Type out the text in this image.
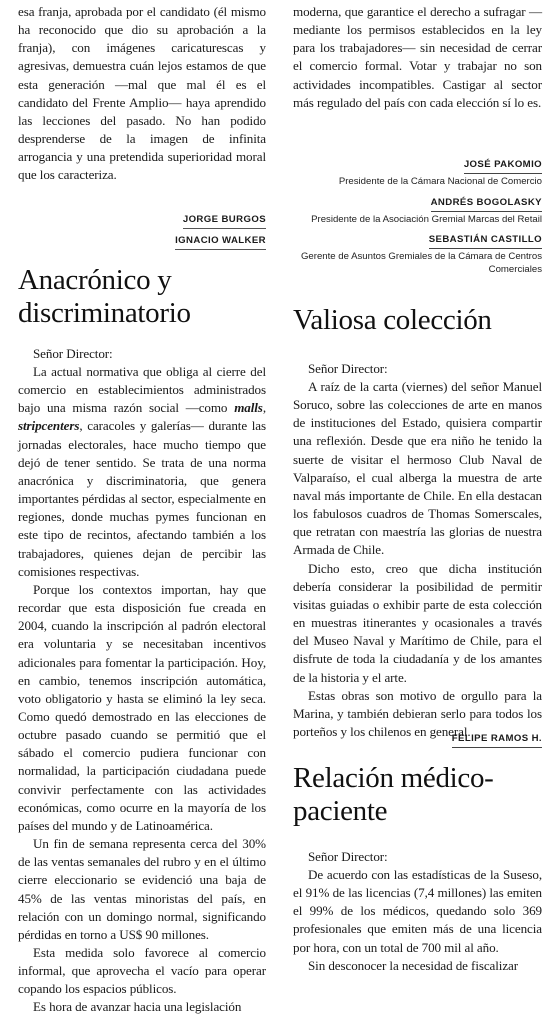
esa franja, aprobada por el candidato (él mismo ha reconocido que dio su aprobación a la franja), con imágenes caricaturescas y agresivas, demuestra cuán lejos estamos de que esta generación —mal que mal él es el candidato del Frente Amplio— haya aprendido las lecciones del pasado. No han podido desprenderse de la imagen de infinita arrogancia y una pretendida superioridad moral que los caracteriza.

JORGE BURGOS
IGNACIO WALKER
Anacrónico y discriminatorio

Señor Director:

La actual normativa que obliga al cierre del comercio en establecimientos administrados bajo una misma razón social —como malls, stripcenters, caracoles y galerías— durante las jornadas electorales, hace mucho tiempo que dejó de tener sentido. Se trata de una norma anacrónica y discriminatoria, que genera importantes pérdidas al sector, especialmente en regiones, donde muchas pymes funcionan en este tipo de recintos, afectando también a los trabajadores, quienes dejan de percibir las comisiones respectivas.

Porque los contextos importan, hay que recordar que esta disposición fue creada en 2004, cuando la inscripción al padrón electoral era voluntaria y se necesitaban incentivos adicionales para fomentar la participación. Hoy, en cambio, tenemos inscripción automática, voto obligatorio y hasta se eliminó la ley seca. Como quedó demostrado en las elecciones de octubre pasado cuando se permitió que el sábado el comercio pudiera funcionar con normalidad, la participación ciudadana puede convivir perfectamente con las actividades económicas, como ocurre en la mayoría de los países del mundo y de Latinoamérica.

Un fin de semana representa cerca del 30% de las ventas semanales del rubro y en el último cierre eleccionario se evidenció una baja de 45% de las ventas minoristas del país, en relación con un domingo normal, significando pérdidas en torno a US$ 90 millones.

Esta medida solo favorece al comercio informal, que aprovecha el vacío para operar copando los espacios públicos.

Es hora de avanzar hacia una legislación

moderna, que garantice el derecho a sufragar —mediante los permisos establecidos en la ley para los trabajadores— sin necesidad de cerrar el comercio formal. Votar y trabajar no son actividades incompatibles. Castigar al sector más regulado del país con cada elección sí lo es.

JOSÉ PAKOMIO

Presidente de la Cámara Nacional de Comercio

ANDRÉS BOGOLASKY

Presidente de la Asociación Gremial Marcas del Retail

SEBASTIÁN CASTILLO

Gerente de Asuntos Gremiales de la Cámara de Centros Comerciales

Valiosa colección

Señor Director:

A raíz de la carta (viernes) del señor Manuel Soruco, sobre las colecciones de arte en manos de instituciones del Estado, quisiera compartir una reflexión. Desde que era niño he tenido la suerte de visitar el hermoso Club Naval de Valparaíso, el cual alberga la muestra de arte naval más importante de Chile. En ella destacan los fabulosos cuadros de Thomas Somerscales, que retratan con maestría las glorias de nuestra Armada de Chile.

Dicho esto, creo que dicha institución debería considerar la posibilidad de permitir visitas guiadas o exhibir parte de esta colección en muestras itinerantes y ocasionales a través del Museo Naval y Marítimo de Chile, para el disfrute de toda la ciudadanía y de los amantes de la historia y el arte.

Estas obras son motivo de orgullo para la Marina, y también debieran serlo para todos los porteños y los chilenos en general.

FELIPE RAMOS H.
Relación médico-paciente

Señor Director:

De acuerdo con las estadísticas de la Suseso, el 91% de las licencias (7,4 millones) las emiten el 99% de los médicos, quedando solo 369 profesionales que emiten más de una licencia por hora, con un total de 700 mil al año.

Sin desconocer la necesidad de fiscalizar
